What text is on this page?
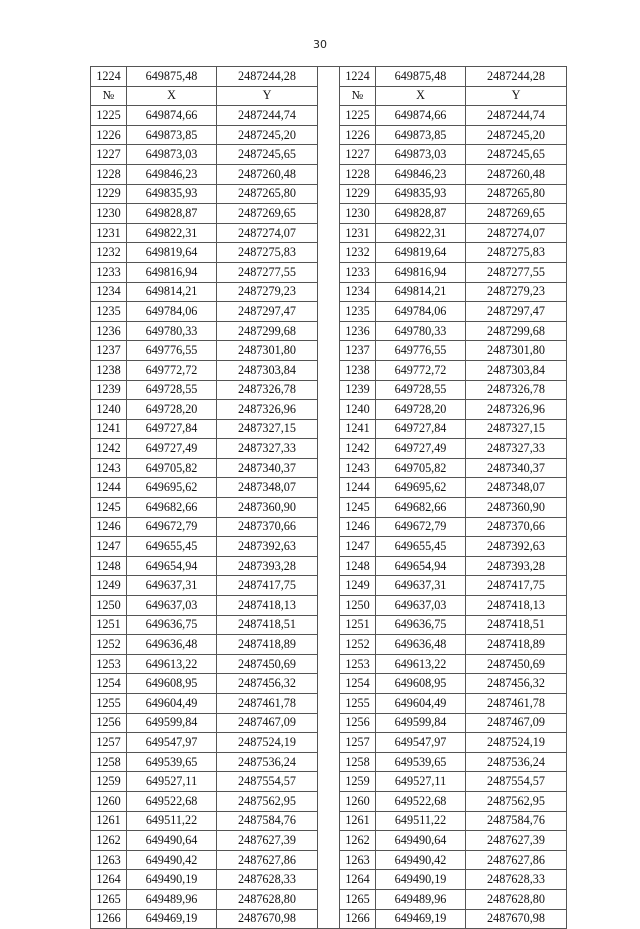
30
1224	649875,48	2487244,28		1224	649875,48	2487244,28
№	X	Y		№	X	Y
1225	649874,66	2487244,74		1225	649874,66	2487244,74
1226	649873,85	2487245,20		1226	649873,85	2487245,20
1227	649873,03	2487245,65		1227	649873,03	2487245,65
1228	649846,23	2487260,48		1228	649846,23	2487260,48
1229	649835,93	2487265,80		1229	649835,93	2487265,80
1230	649828,87	2487269,65		1230	649828,87	2487269,65
1231	649822,31	2487274,07		1231	649822,31	2487274,07
1232	649819,64	2487275,83		1232	649819,64	2487275,83
1233	649816,94	2487277,55		1233	649816,94	2487277,55
1234	649814,21	2487279,23		1234	649814,21	2487279,23
1235	649784,06	2487297,47		1235	649784,06	2487297,47
1236	649780,33	2487299,68		1236	649780,33	2487299,68
1237	649776,55	2487301,80		1237	649776,55	2487301,80
1238	649772,72	2487303,84		1238	649772,72	2487303,84
1239	649728,55	2487326,78		1239	649728,55	2487326,78
1240	649728,20	2487326,96		1240	649728,20	2487326,96
1241	649727,84	2487327,15		1241	649727,84	2487327,15
1242	649727,49	2487327,33		1242	649727,49	2487327,33
1243	649705,82	2487340,37		1243	649705,82	2487340,37
1244	649695,62	2487348,07		1244	649695,62	2487348,07
1245	649682,66	2487360,90		1245	649682,66	2487360,90
1246	649672,79	2487370,66		1246	649672,79	2487370,66
1247	649655,45	2487392,63		1247	649655,45	2487392,63
1248	649654,94	2487393,28		1248	649654,94	2487393,28
1249	649637,31	2487417,75		1249	649637,31	2487417,75
1250	649637,03	2487418,13		1250	649637,03	2487418,13
1251	649636,75	2487418,51		1251	649636,75	2487418,51
1252	649636,48	2487418,89		1252	649636,48	2487418,89
1253	649613,22	2487450,69		1253	649613,22	2487450,69
1254	649608,95	2487456,32		1254	649608,95	2487456,32
1255	649604,49	2487461,78		1255	649604,49	2487461,78
1256	649599,84	2487467,09		1256	649599,84	2487467,09
1257	649547,97	2487524,19		1257	649547,97	2487524,19
1258	649539,65	2487536,24		1258	649539,65	2487536,24
1259	649527,11	2487554,57		1259	649527,11	2487554,57
1260	649522,68	2487562,95		1260	649522,68	2487562,95
1261	649511,22	2487584,76		1261	649511,22	2487584,76
1262	649490,64	2487627,39		1262	649490,64	2487627,39
1263	649490,42	2487627,86		1263	649490,42	2487627,86
1264	649490,19	2487628,33		1264	649490,19	2487628,33
1265	649489,96	2487628,80		1265	649489,96	2487628,80
1266	649469,19	2487670,98		1266	649469,19	2487670,98
